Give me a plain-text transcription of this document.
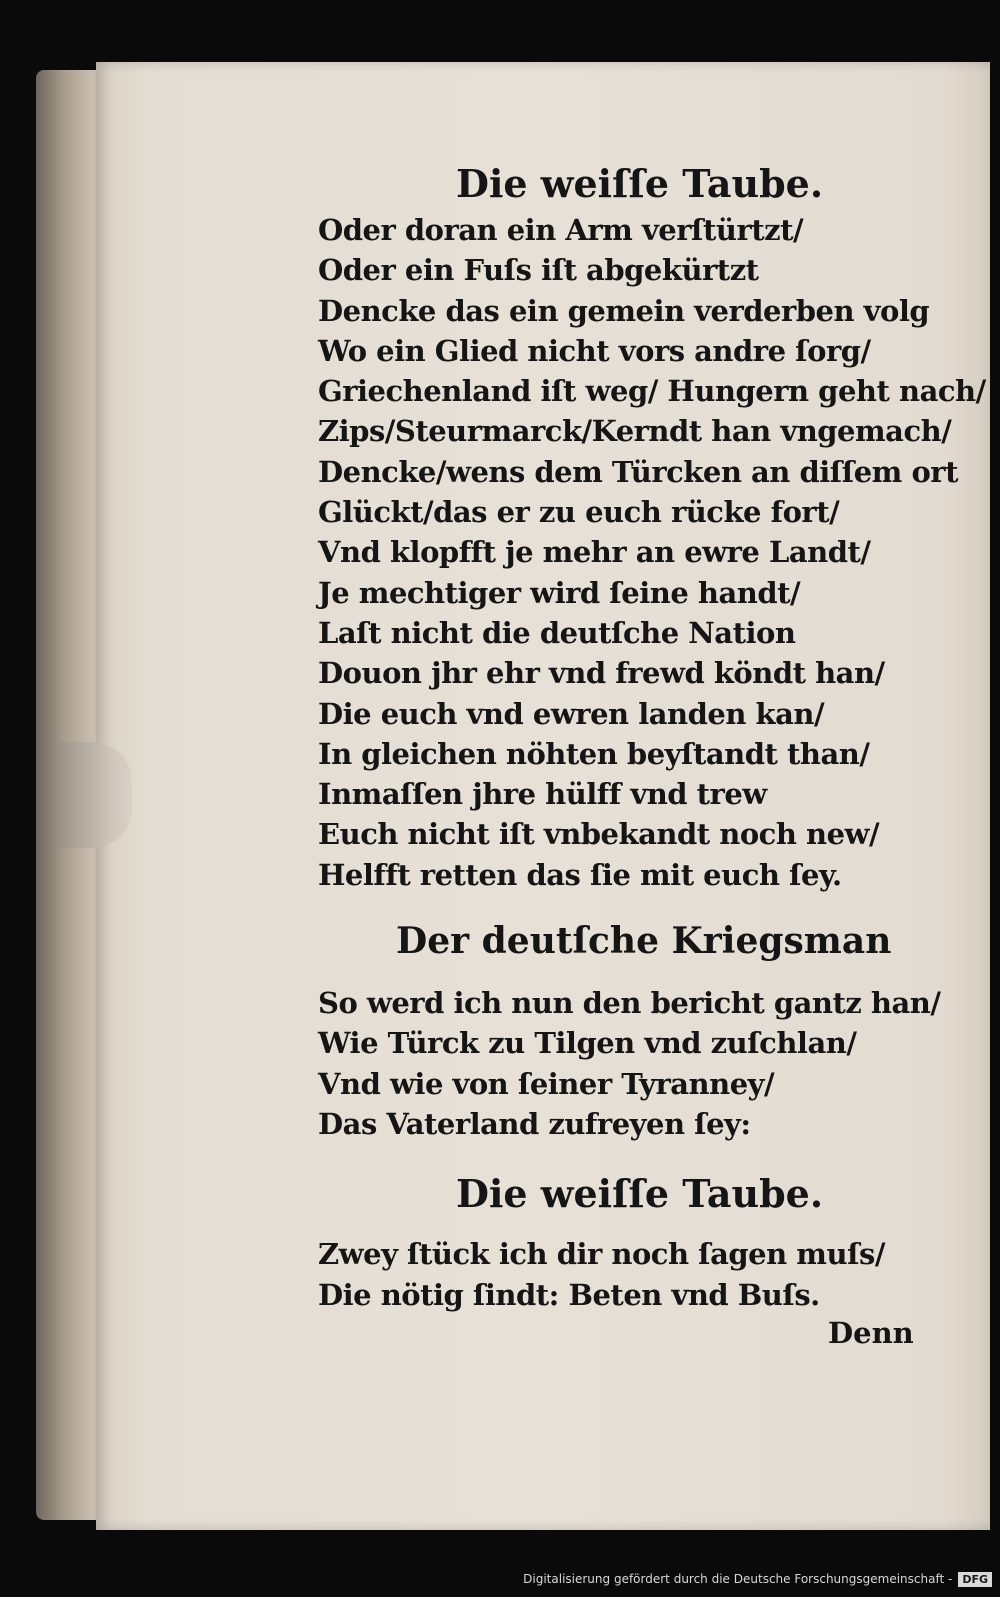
Die weiſſe Taube.
Oder doran ein Arm verſtürtzt/
Oder ein Fuſs iſt abgekürtzt
Dencke das ein gemein verderben volg
Wo ein Glied nicht vors andre ſorg/
Griechenland iſt weg/ Hungern geht nach/
Zips/Steurmarck/Kerndt han vngemach/
Dencke/wens dem Türcken an diſſem ort
Glückt/das er zu euch rücke fort/
Vnd klopfft je mehr an ewre Landt/
Je mechtiger wird ſeine handt/
Laſt nicht die deutſche Nation
Douon jhr ehr vnd frewd köndt han/
Die euch vnd ewren landen kan/
In gleichen nöhten beyſtandt than/
Inmaſſen jhre hülff vnd trew
Euch nicht iſt vnbekandt noch new/
Helfft retten das ſie mit euch ſey.
Der deutſche Kriegsman
So werd ich nun den bericht gantz han/
Wie Türck zu Tilgen vnd zuſchlan/
Vnd wie von ſeiner Tyranney/
Das Vaterland zufreyen ſey:
Die weiſſe Taube.
Zwey ſtück ich dir noch ſagen muſs/
Die nötig ſindt: Beten vnd Buſs.
Denn
Digitalisierung gefördert durch die Deutsche Forschungsgemeinschaft - DFG
